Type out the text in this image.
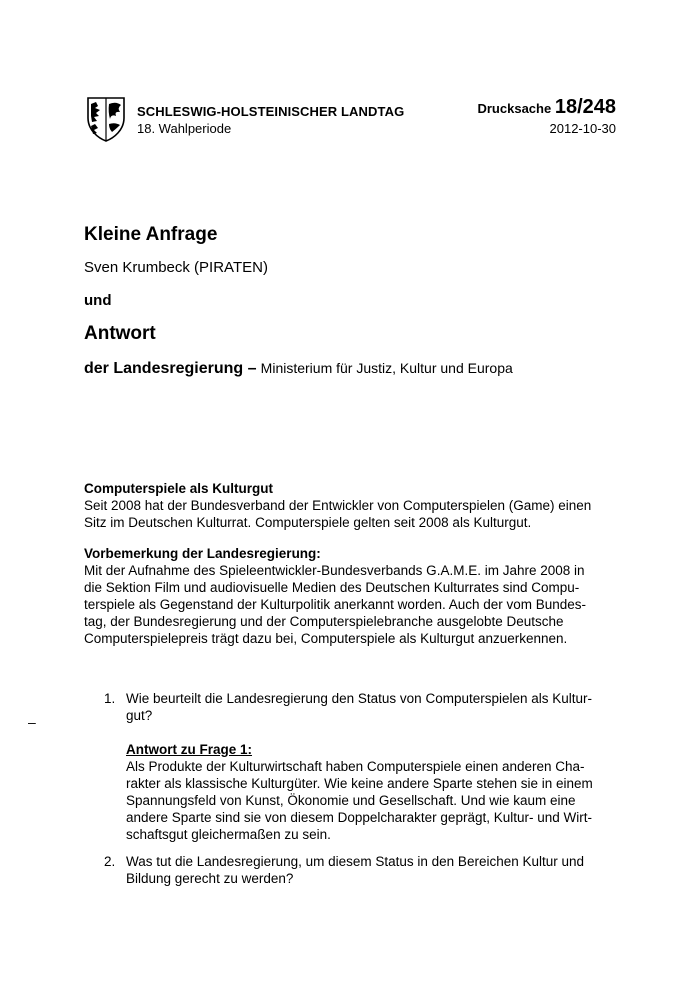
SCHLESWIG-HOLSTEINISCHER LANDTAG
18. Wahlperiode
Drucksache 18/248
2012-10-30
Kleine Anfrage
Sven Krumbeck (PIRATEN)
und
Antwort
der Landesregierung – Ministerium für Justiz, Kultur und Europa
Computerspiele als Kulturgut
Seit 2008 hat der Bundesverband der Entwickler von Computerspielen (Game) einen
Sitz im Deutschen Kulturrat. Computerspiele gelten seit 2008 als Kulturgut.
Vorbemerkung der Landesregierung:
Mit der Aufnahme des Spieleentwickler-Bundesverbands G.A.M.E. im Jahre 2008 in
die Sektion Film und audiovisuelle Medien des Deutschen Kulturrates sind Compu-
terspiele als Gegenstand der Kulturpolitik anerkannt worden. Auch der vom Bundes-
tag, der Bundesregierung und der Computerspielebranche ausgelobte Deutsche
Computerspielepreis trägt dazu bei, Computerspiele als Kulturgut anzuerkennen.
–
1. Wie beurteilt die Landesregierung den Status von Computerspielen als Kultur-
gut?
Antwort zu Frage 1:
Als Produkte der Kulturwirtschaft haben Computerspiele einen anderen Cha-
rakter als klassische Kulturgüter. Wie keine andere Sparte stehen sie in einem
Spannungsfeld von Kunst, Ökonomie und Gesellschaft. Und wie kaum eine
andere Sparte sind sie von diesem Doppelcharakter geprägt, Kultur- und Wirt-
schaftsgut gleichermaßen zu sein.
2. Was tut die Landesregierung, um diesem Status in den Bereichen Kultur und
Bildung gerecht zu werden?
